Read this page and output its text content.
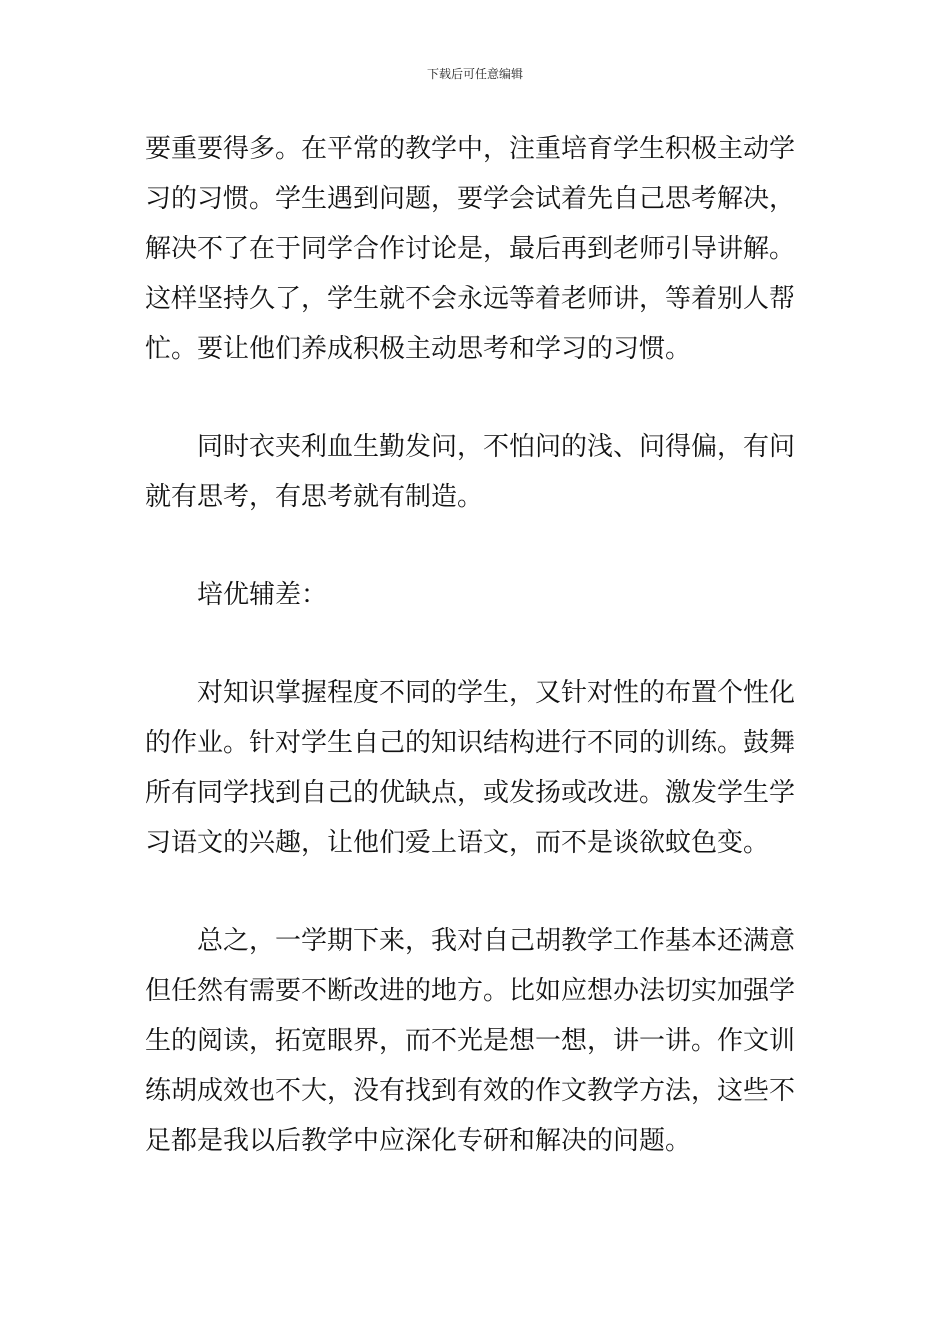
下载后可任意编辑
要重要得多。在平常的教学中，注重培育学生积极主动学
习的习惯。学生遇到问题，要学会试着先自己思考解决，
解决不了在于同学合作讨论是，最后再到老师引导讲解。
这样坚持久了，学生就不会永远等着老师讲，等着别人帮
忙。要让他们养成积极主动思考和学习的习惯。
同时衣夹利血生勤发问，不怕问的浅、问得偏，有问
就有思考，有思考就有制造。
培优辅差：
对知识掌握程度不同的学生，又针对性的布置个性化
的作业。针对学生自己的知识结构进行不同的训练。鼓舞
所有同学找到自己的优缺点，或发扬或改进。激发学生学
习语文的兴趣，让他们爱上语文，而不是谈欲蚊色变。
总之，一学期下来，我对自己胡教学工作基本还满意
但任然有需要不断改进的地方。比如应想办法切实加强学
生的阅读，拓宽眼界，而不光是想一想，讲一讲。作文训
练胡成效也不大，没有找到有效的作文教学方法，这些不
足都是我以后教学中应深化专研和解决的问题。
